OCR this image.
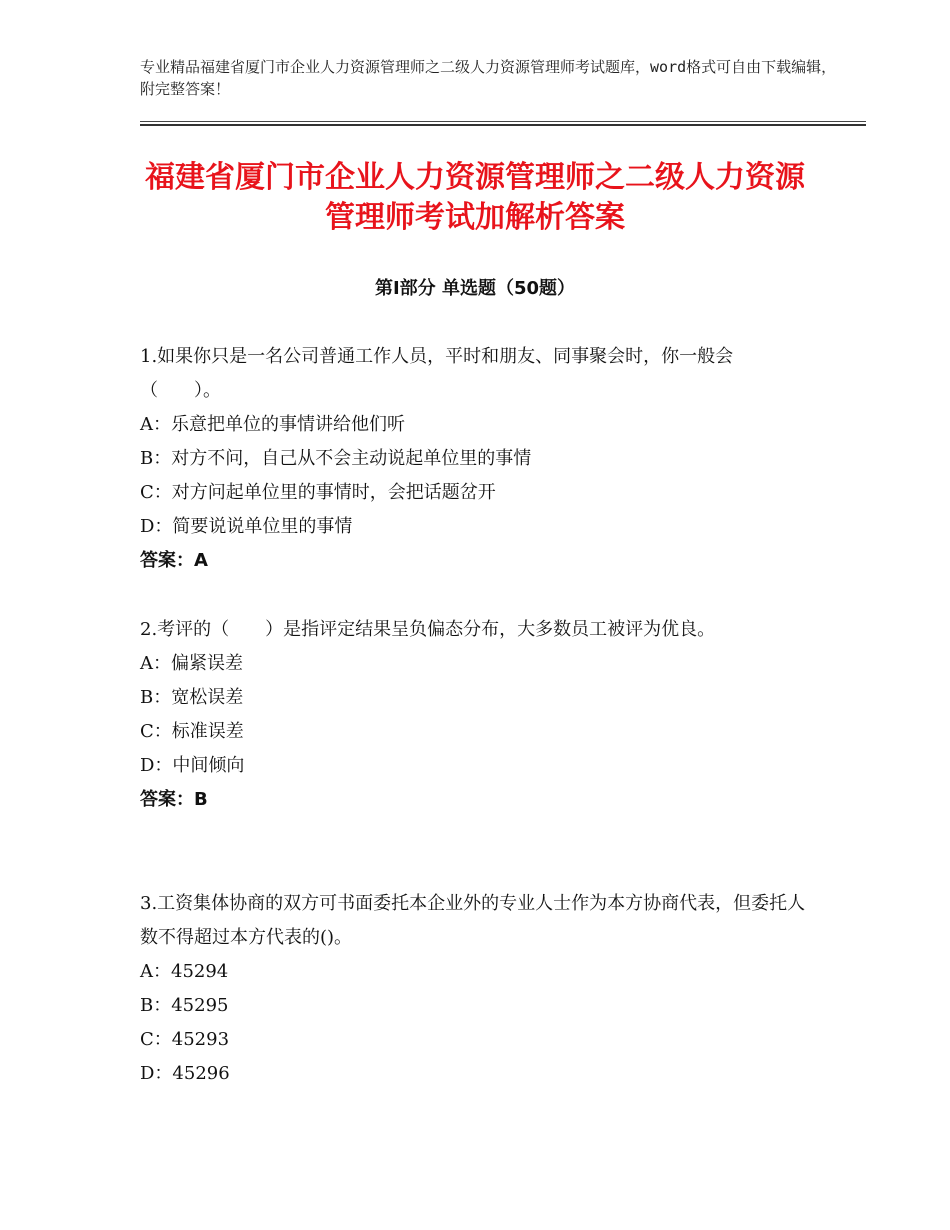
专业精品福建省厦门市企业人力资源管理师之二级人力资源管理师考试题库，word格式可自由下载编辑，附完整答案！
福建省厦门市企业人力资源管理师之二级人力资源管理师考试加解析答案
第Ⅰ部分 单选题（50题）

1.如果你只是一名公司普通工作人员，平时和朋友、同事聚会时，你一般会（　　）。

A：乐意把单位的事情讲给他们听

B：对方不问，自己从不会主动说起单位里的事情

C：对方问起单位里的事情时，会把话题岔开

D：简要说说单位里的事情

答案：A

2.考评的（　　）是指评定结果呈负偏态分布，大多数员工被评为优良。

A：偏紧误差

B：宽松误差

C：标准误差

D：中间倾向

答案：B

3.工资集体协商的双方可书面委托本企业外的专业人士作为本方协商代表，但委托人数不得超过本方代表的()。

A：45294

B：45295

C：45293

D：45296
